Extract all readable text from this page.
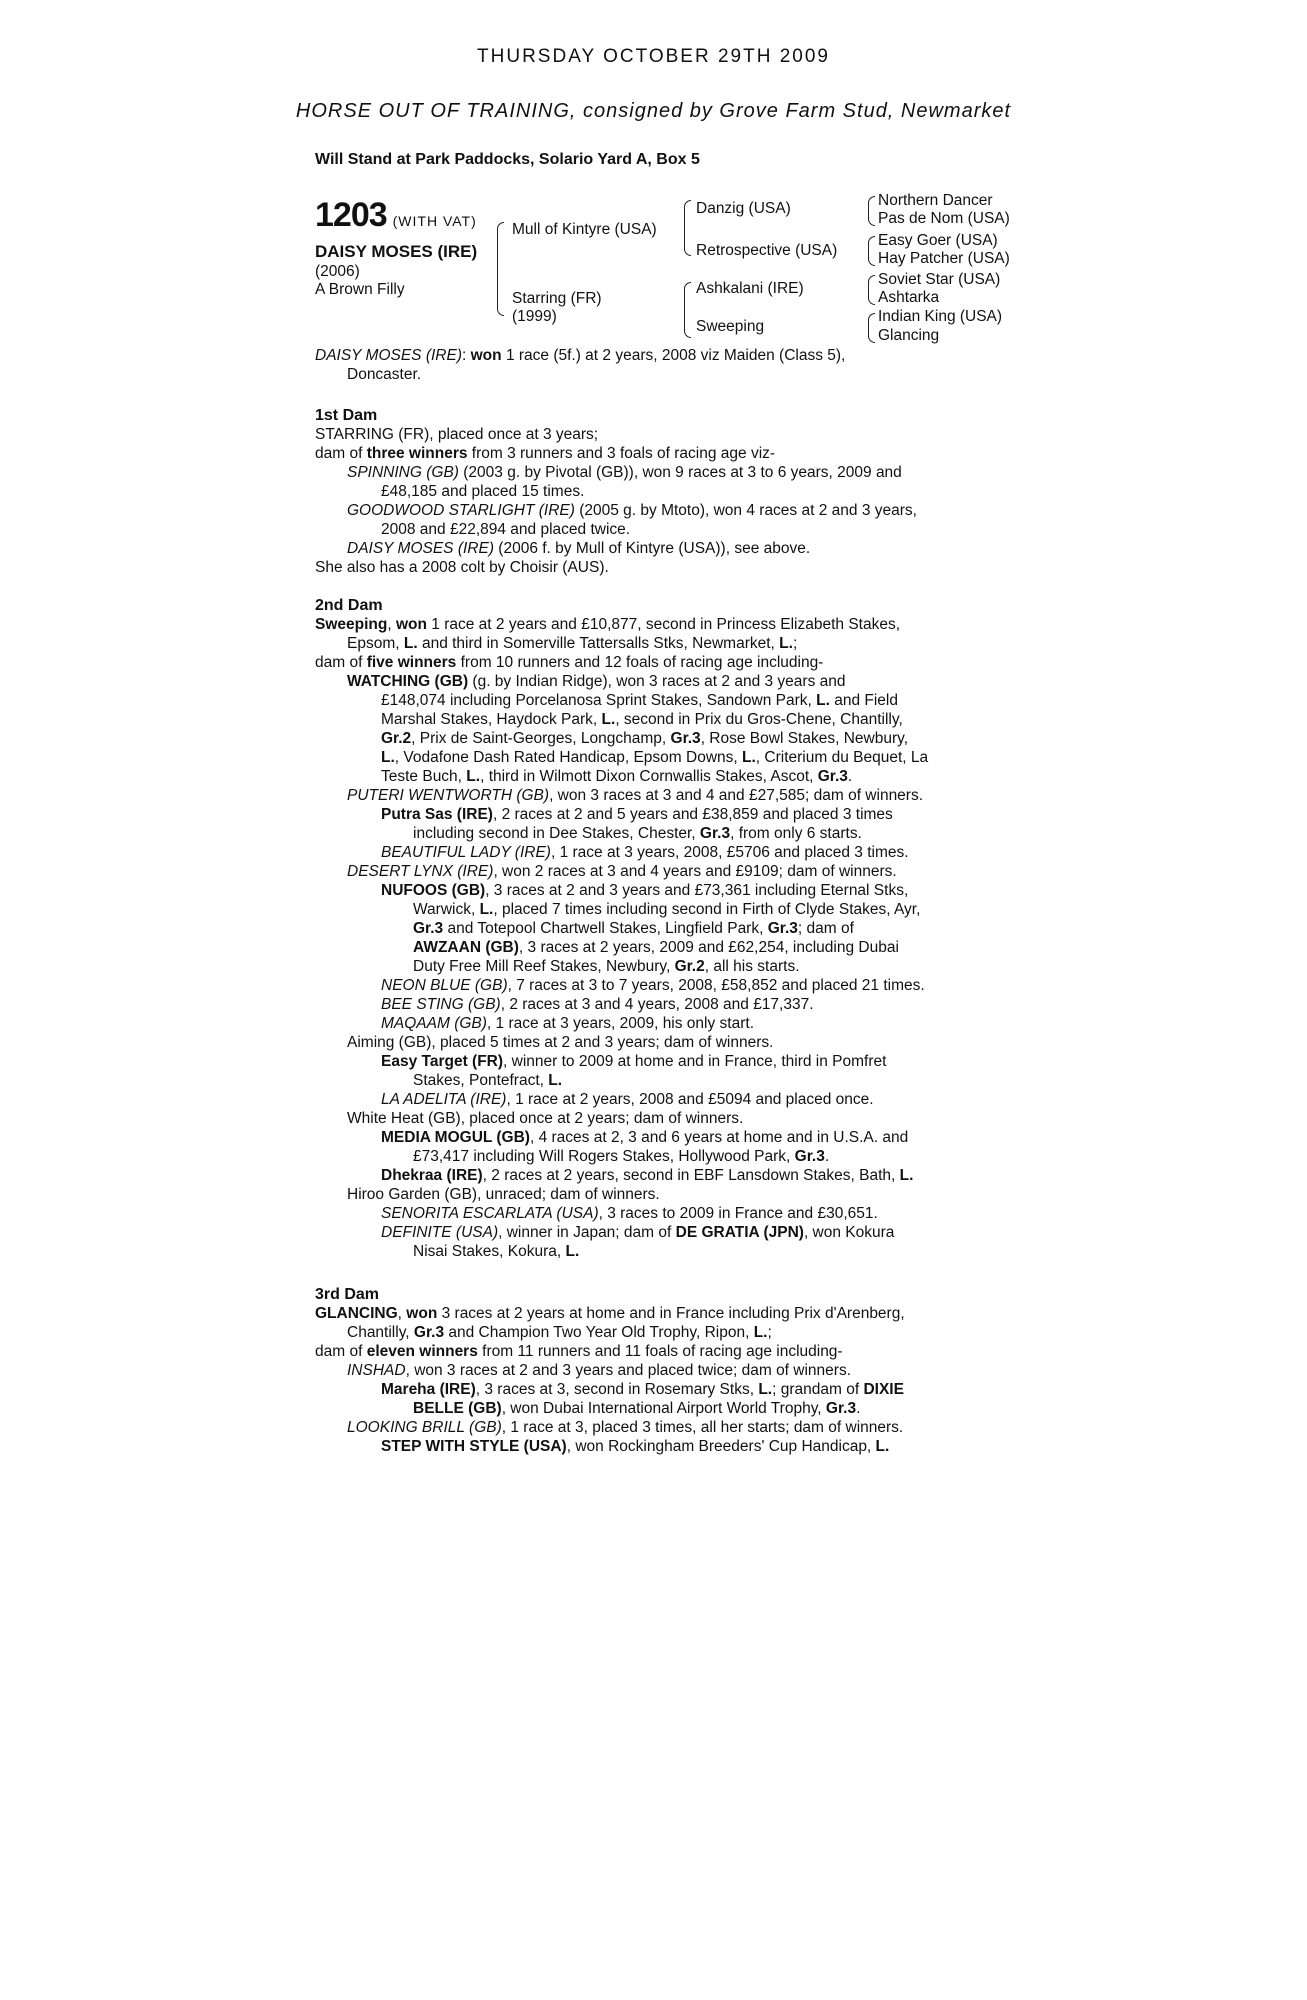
THURSDAY OCTOBER 29TH 2009
HORSE OUT OF TRAINING, consigned by Grove Farm Stud, Newmarket
Will Stand at Park Paddocks, Solario Yard A, Box 5
1203 (WITH VAT)
DAISY MOSES (IRE)
(2006)
A Brown Filly
Mull of Kintyre (USA)
Starring (FR)
(1999)
Danzig (USA)
Retrospective (USA)
Ashkalani (IRE)
Sweeping
Northern Dancer
Pas de Nom (USA)
Easy Goer (USA)
Hay Patcher (USA)
Soviet Star (USA)
Ashtarka
Indian King (USA)
Glancing
DAISY MOSES (IRE): won 1 race (5f.) at 2 years, 2008 viz Maiden (Class 5),
Doncaster.
1st Dam
STARRING (FR), placed once at 3 years;
dam of three winners from 3 runners and 3 foals of racing age viz-
SPINNING (GB) (2003 g. by Pivotal (GB)), won 9 races at 3 to 6 years, 2009 and
£48,185 and placed 15 times.
GOODWOOD STARLIGHT (IRE) (2005 g. by Mtoto), won 4 races at 2 and 3 years,
2008 and £22,894 and placed twice.
DAISY MOSES (IRE) (2006 f. by Mull of Kintyre (USA)), see above.
She also has a 2008 colt by Choisir (AUS).
2nd Dam
Sweeping, won 1 race at 2 years and £10,877, second in Princess Elizabeth Stakes,
Epsom, L. and third in Somerville Tattersalls Stks, Newmarket, L.;
dam of five winners from 10 runners and 12 foals of racing age including-
WATCHING (GB) (g. by Indian Ridge), won 3 races at 2 and 3 years and
£148,074 including Porcelanosa Sprint Stakes, Sandown Park, L. and Field
Marshal Stakes, Haydock Park, L., second in Prix du Gros-Chene, Chantilly,
Gr.2, Prix de Saint-Georges, Longchamp, Gr.3, Rose Bowl Stakes, Newbury,
L., Vodafone Dash Rated Handicap, Epsom Downs, L., Criterium du Bequet, La
Teste Buch, L., third in Wilmott Dixon Cornwallis Stakes, Ascot, Gr.3.
PUTERI WENTWORTH (GB), won 3 races at 3 and 4 and £27,585; dam of winners.
Putra Sas (IRE), 2 races at 2 and 5 years and £38,859 and placed 3 times
including second in Dee Stakes, Chester, Gr.3, from only 6 starts.
BEAUTIFUL LADY (IRE), 1 race at 3 years, 2008, £5706 and placed 3 times.
DESERT LYNX (IRE), won 2 races at 3 and 4 years and £9109; dam of winners.
NUFOOS (GB), 3 races at 2 and 3 years and £73,361 including Eternal Stks,
Warwick, L., placed 7 times including second in Firth of Clyde Stakes, Ayr,
Gr.3 and Totepool Chartwell Stakes, Lingfield Park, Gr.3; dam of
AWZAAN (GB), 3 races at 2 years, 2009 and £62,254, including Dubai
Duty Free Mill Reef Stakes, Newbury, Gr.2, all his starts.
NEON BLUE (GB), 7 races at 3 to 7 years, 2008, £58,852 and placed 21 times.
BEE STING (GB), 2 races at 3 and 4 years, 2008 and £17,337.
MAQAAM (GB), 1 race at 3 years, 2009, his only start.
Aiming (GB), placed 5 times at 2 and 3 years; dam of winners.
Easy Target (FR), winner to 2009 at home and in France, third in Pomfret
Stakes, Pontefract, L.
LA ADELITA (IRE), 1 race at 2 years, 2008 and £5094 and placed once.
White Heat (GB), placed once at 2 years; dam of winners.
MEDIA MOGUL (GB), 4 races at 2, 3 and 6 years at home and in U.S.A. and
£73,417 including Will Rogers Stakes, Hollywood Park, Gr.3.
Dhekraa (IRE), 2 races at 2 years, second in EBF Lansdown Stakes, Bath, L.
Hiroo Garden (GB), unraced; dam of winners.
SENORITA ESCARLATA (USA), 3 races to 2009 in France and £30,651.
DEFINITE (USA), winner in Japan; dam of DE GRATIA (JPN), won Kokura
Nisai Stakes, Kokura, L.
3rd Dam
GLANCING, won 3 races at 2 years at home and in France including Prix d'Arenberg,
Chantilly, Gr.3 and Champion Two Year Old Trophy, Ripon, L.;
dam of eleven winners from 11 runners and 11 foals of racing age including-
INSHAD, won 3 races at 2 and 3 years and placed twice; dam of winners.
Mareha (IRE), 3 races at 3, second in Rosemary Stks, L.; grandam of DIXIE
BELLE (GB), won Dubai International Airport World Trophy, Gr.3.
LOOKING BRILL (GB), 1 race at 3, placed 3 times, all her starts; dam of winners.
STEP WITH STYLE (USA), won Rockingham Breeders' Cup Handicap, L.
